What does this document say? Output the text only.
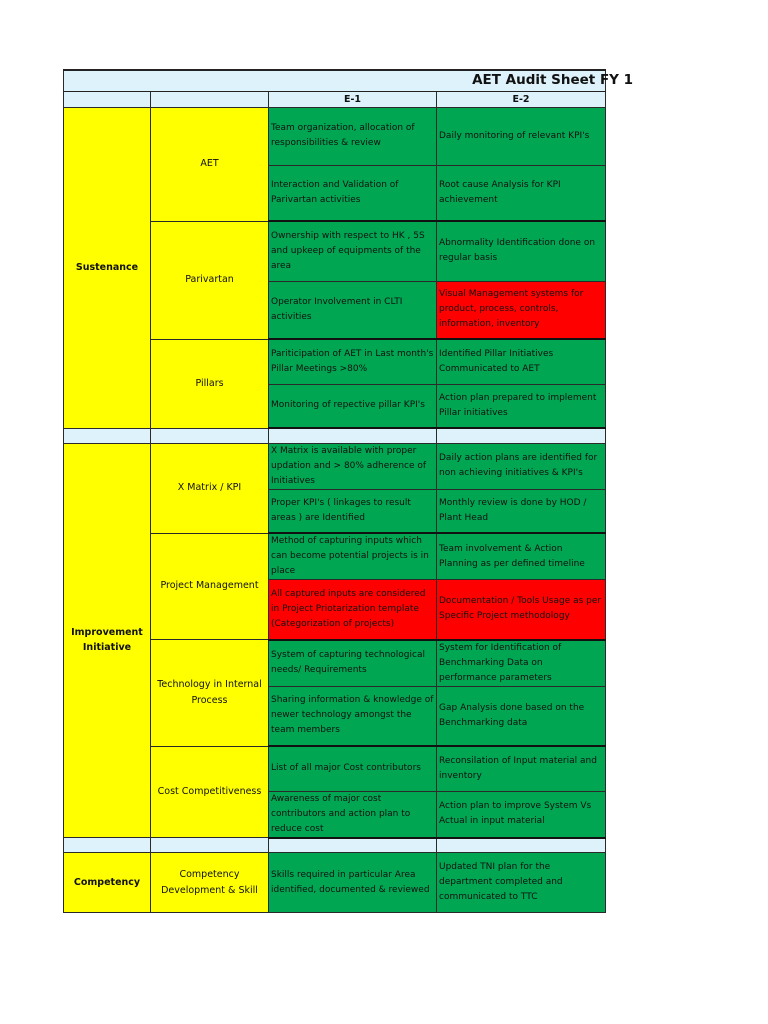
AET Audit Sheet FY 1			
		E-1	E-2
Sustenance	AET	Team organization, allocation of responsibilities & review	Daily monitoring of relevant KPI's
		Interaction and Validation of Parivartan activities	Root cause Analysis for KPI achievement
	Parivartan	Ownership with respect to HK , 5S and upkeep of equipments of the area	Abnormality Identification done on regular basis
		Operator Involvement in CLTI activities	Visual Management systems for product, process, controls, information, inventory
	Pillars	Pariticipation of AET in Last month's Pillar Meetings >80%	Identified Pillar Initiatives Communicated to AET
		Monitoring of repective pillar KPI's	Action plan prepared to implement Pillar initiatives

Improvement Initiative	X Matrix / KPI	X Matrix is available with proper updation and > 80% adherence of Initiatives	Daily action plans are identified for non achieving initiatives & KPI's
		Proper KPI's ( linkages to result areas ) are Identified	Monthly review is done by HOD / Plant Head
	Project Management	Method of capturing inputs which can become potential projects is in place	Team involvement & Action Planning as per defined timeline
		All captured inputs are considered in Project Priotarization template (Categorization of projects)	Documentation / Tools Usage as per Specific Project methodology
	Technology in Internal Process	System of capturing technological needs/ Requirements	System for Identification of Benchmarking Data on performance parameters
		Sharing information & knowledge of newer technology amongst the team members	Gap Analysis done based on the Benchmarking data
	Cost Competitiveness	List of all major Cost contributors	Reconsilation of Input material and inventory
		Awareness of major cost contributors and action plan to reduce cost	Action plan to improve System Vs Actual in input material

Competency	Competency Development & Skill	Skills required in particular Area identified, documented & reviewed	Updated TNI plan for the department completed and communicated to TTC
